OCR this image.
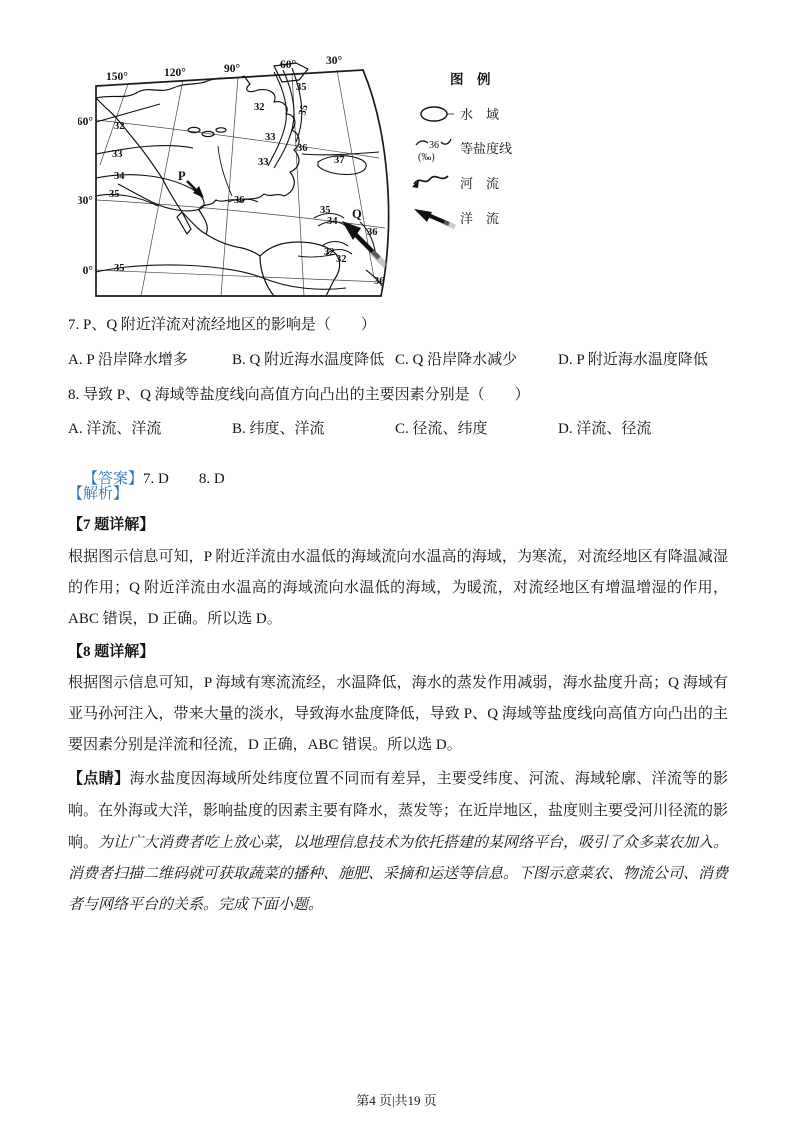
150°	120°	90°	60°	30°
60°
30°
0°
32
33
34
35
35
32
35
35
33
33
36
37
36
35
34
36
32
32
36
P
Q
图　例
水　域
36
(‰)
等盐度线
河　流
洋　流
7. P、Q 附近洋流对流经地区的影响是（　　）
A. P 沿岸降水增多	B. Q 附近海水温度降低 C. Q 沿岸降水减少	D. P 附近海水温度降低
8. 导致 P、Q 海域等盐度线向高值方向凸出的主要因素分别是（　　）
A. 洋流、洋流	B. 纬度、洋流	C. 径流、纬度	D. 洋流、径流

【答案】7. D　　8. D

【解析】
【7 题详解】
根据图示信息可知，P 附近洋流由水温低的海域流向水温高的海域，为寒流，对流经地区有降温减湿的作用；Q 附近洋流由水温高的海域流向水温低的海域，为暖流，对流经地区有增温增湿的作用，ABC 错误，D 正确。所以选 D。
【8 题详解】
根据图示信息可知，P 海域有寒流流经，水温降低，海水的蒸发作用减弱，海水盐度升高；Q 海域有亚马孙河注入，带来大量的淡水，导致海水盐度降低，导致 P、Q 海域等盐度线向高值方向凸出的主要因素分别是洋流和径流，D 正确，ABC 错误。所以选 D。
【点睛】海水盐度因海域所处纬度位置不同而有差异，主要受纬度、河流、海域轮廓、洋流等的影响。在外海或大洋，影响盐度的因素主要有降水，蒸发等；在近岸地区，盐度则主要受河川径流的影响。 为让广大消费者吃上放心菜，以地理信息技术为依托搭建的某网络平台，吸引了众多菜农加入。消费者扫描二维码就可获取蔬菜的播种、施肥、采摘和运送等信息。下图示意菜农、物流公司、消费者与网络平台的关系。完成下面小题。
第4 页|共19 页
